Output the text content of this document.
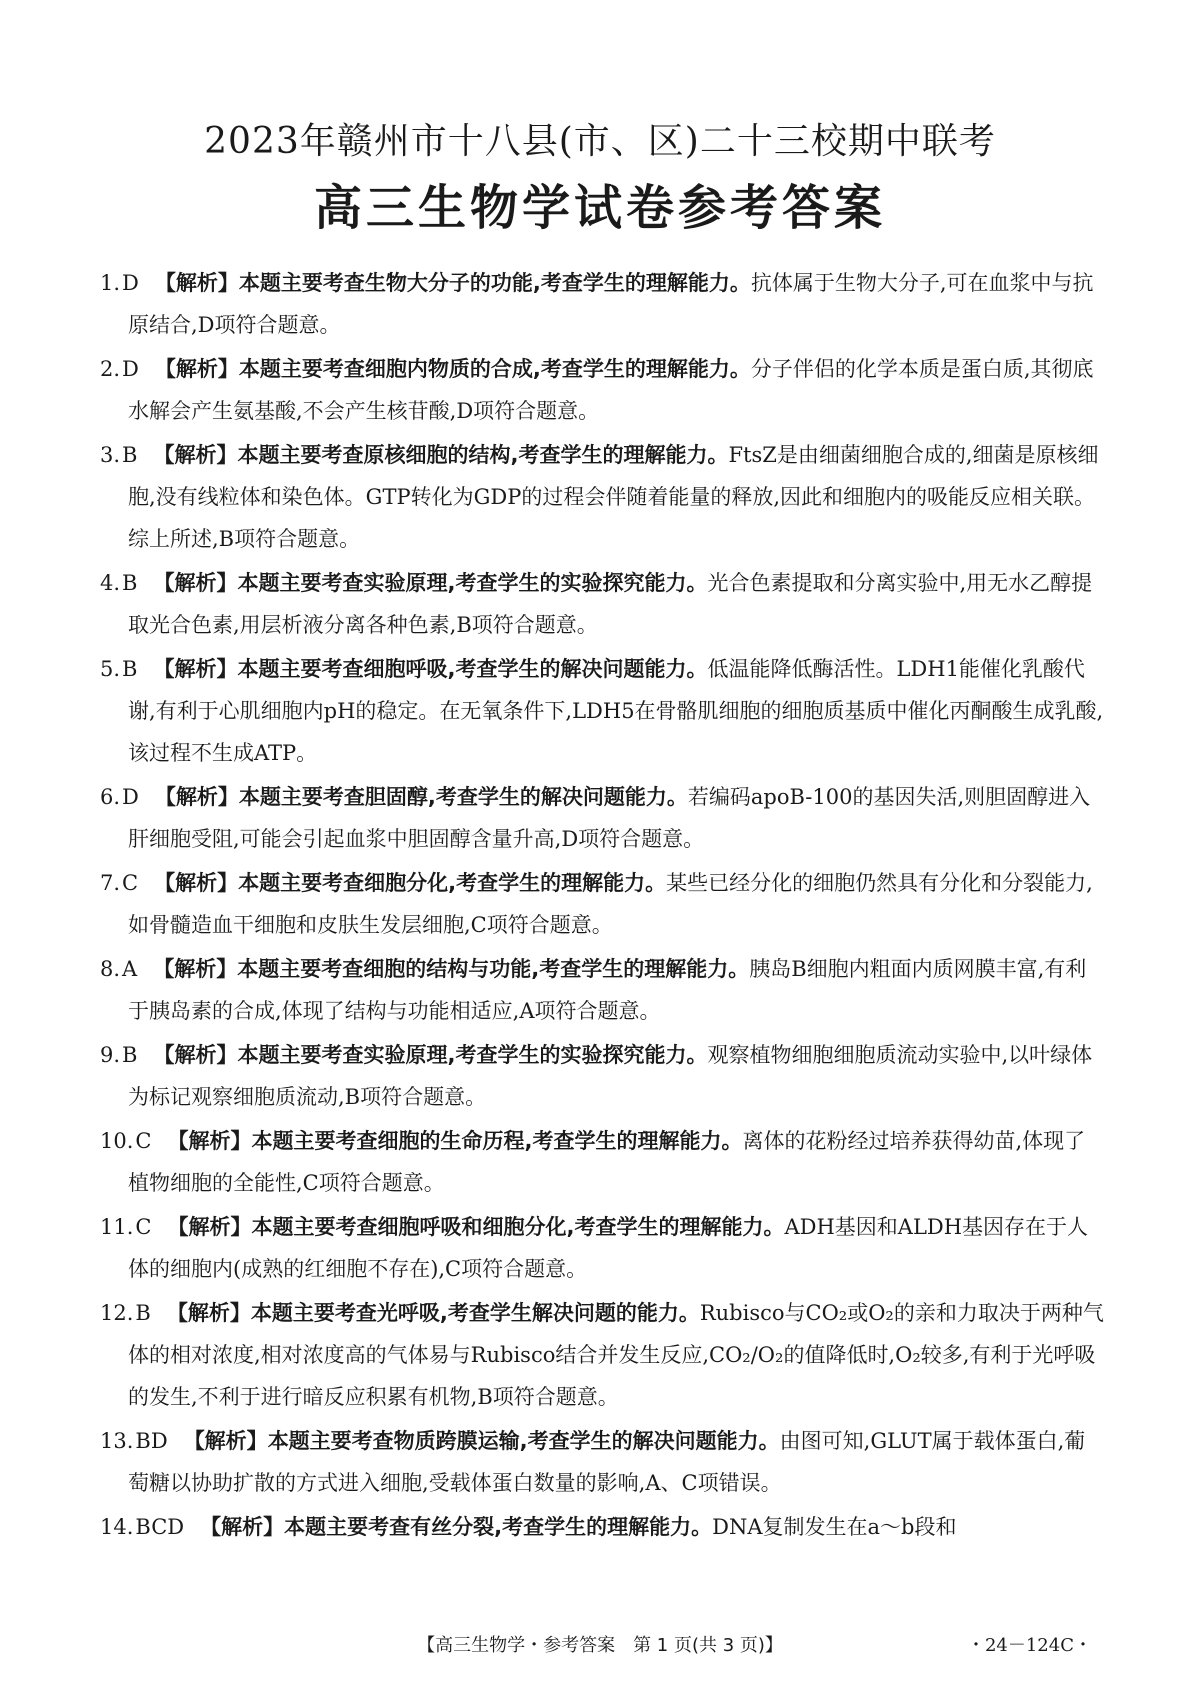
2023年赣州市十八县(市、区)二十三校期中联考
高三生物学试卷参考答案
1.D 【解析】本题主要考查生物大分子的功能,考查学生的理解能力。抗体属于生物大分子,可在血浆中与抗原结合,D项符合题意。
2.D 【解析】本题主要考查细胞内物质的合成,考查学生的理解能力。分子伴侣的化学本质是蛋白质,其彻底水解会产生氨基酸,不会产生核苷酸,D项符合题意。
3.B 【解析】本题主要考查原核细胞的结构,考查学生的理解能力。FtsZ是由细菌细胞合成的,细菌是原核细胞,没有线粒体和染色体。GTP转化为GDP的过程会伴随着能量的释放,因此和细胞内的吸能反应相关联。综上所述,B项符合题意。
4.B 【解析】本题主要考查实验原理,考查学生的实验探究能力。光合色素提取和分离实验中,用无水乙醇提取光合色素,用层析液分离各种色素,B项符合题意。
5.B 【解析】本题主要考查细胞呼吸,考查学生的解决问题能力。低温能降低酶活性。LDH1能催化乳酸代谢,有利于心肌细胞内pH的稳定。在无氧条件下,LDH5在骨骼肌细胞的细胞质基质中催化丙酮酸生成乳酸,该过程不生成ATP。
6.D 【解析】本题主要考查胆固醇,考查学生的解决问题能力。若编码apoB-100的基因失活,则胆固醇进入肝细胞受阻,可能会引起血浆中胆固醇含量升高,D项符合题意。
7.C 【解析】本题主要考查细胞分化,考查学生的理解能力。某些已经分化的细胞仍然具有分化和分裂能力,如骨髓造血干细胞和皮肤生发层细胞,C项符合题意。
8.A 【解析】本题主要考查细胞的结构与功能,考查学生的理解能力。胰岛B细胞内粗面内质网膜丰富,有利于胰岛素的合成,体现了结构与功能相适应,A项符合题意。
9.B 【解析】本题主要考查实验原理,考查学生的实验探究能力。观察植物细胞细胞质流动实验中,以叶绿体为标记观察细胞质流动,B项符合题意。
10.C 【解析】本题主要考查细胞的生命历程,考查学生的理解能力。离体的花粉经过培养获得幼苗,体现了植物细胞的全能性,C项符合题意。
11.C 【解析】本题主要考查细胞呼吸和细胞分化,考查学生的理解能力。ADH基因和ALDH基因存在于人体的细胞内(成熟的红细胞不存在),C项符合题意。
12.B 【解析】本题主要考查光呼吸,考查学生解决问题的能力。Rubisco与CO₂或O₂的亲和力取决于两种气体的相对浓度,相对浓度高的气体易与Rubisco结合并发生反应,CO₂/O₂的值降低时,O₂较多,有利于光呼吸的发生,不利于进行暗反应积累有机物,B项符合题意。
13.BD 【解析】本题主要考查物质跨膜运输,考查学生的解决问题能力。由图可知,GLUT属于载体蛋白,葡萄糖以协助扩散的方式进入细胞,受载体蛋白数量的影响,A、C项错误。
14.BCD 【解析】本题主要考查有丝分裂,考查学生的理解能力。DNA复制发生在a～b段和
【高三生物学・参考答案　第 1 页(共 3 页)】	・24－124C・
